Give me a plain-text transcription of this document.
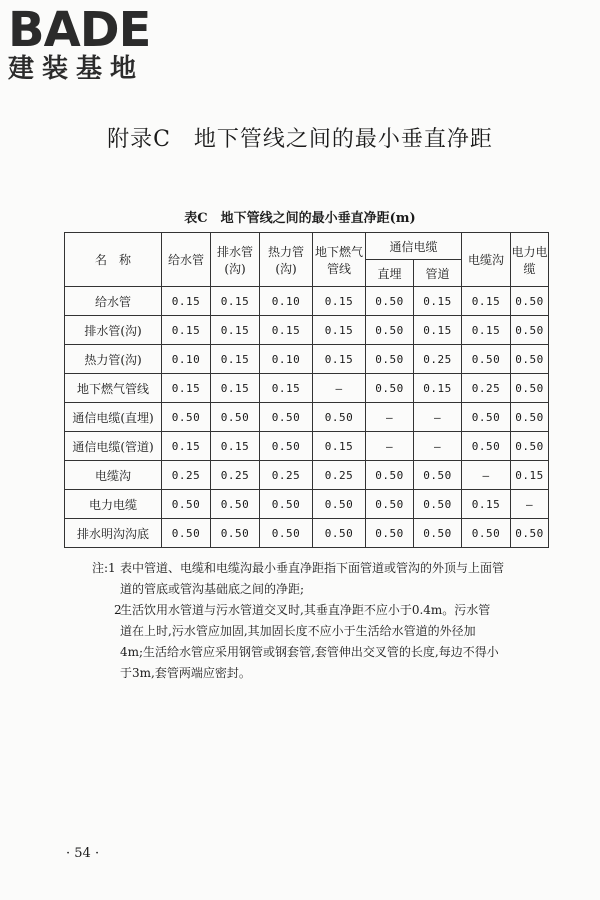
BADE
建装基地
附录C　地下管线之间的最小垂直净距
表C　地下管线之间的最小垂直净距(m)
名　称	给水管	排水管(沟)	热力管(沟)	地下燃气管线	通信电缆		电缆沟	电力电缆
					直埋	管道		
给水管	0.15	0.15	0.10	0.15	0.50	0.15	0.15	0.50
排水管(沟)	0.15	0.15	0.15	0.15	0.50	0.15	0.15	0.50
热力管(沟)	0.10	0.15	0.10	0.15	0.50	0.25	0.50	0.50
地下燃气管线	0.15	0.15	0.15	—	0.50	0.15	0.25	0.50
通信电缆(直埋)	0.50	0.50	0.50	0.50	—	—	0.50	0.50
通信电缆(管道)	0.15	0.15	0.50	0.15	—	—	0.50	0.50
电缆沟	0.25	0.25	0.25	0.25	0.50	0.50	—	0.15
电力电缆	0.50	0.50	0.50	0.50	0.50	0.50	0.15	—
排水明沟沟底	0.50	0.50	0.50	0.50	0.50	0.50	0.50	0.50
注:1 表中管道、电缆和电缆沟最小垂直净距指下面管道或管沟的外顶与上面管
道的管底或管沟基础底之间的净距;
2
生活饮用水管道与污水管道交叉时,其垂直净距不应小于0.4m。污水管
道在上时,污水管应加固,其加固长度不应小于生活给水管道的外径加
4m;生活给水管应采用钢管或钢套管,套管伸出交叉管的长度,每边不得小
于3m,套管两端应密封。
· 54 ·
